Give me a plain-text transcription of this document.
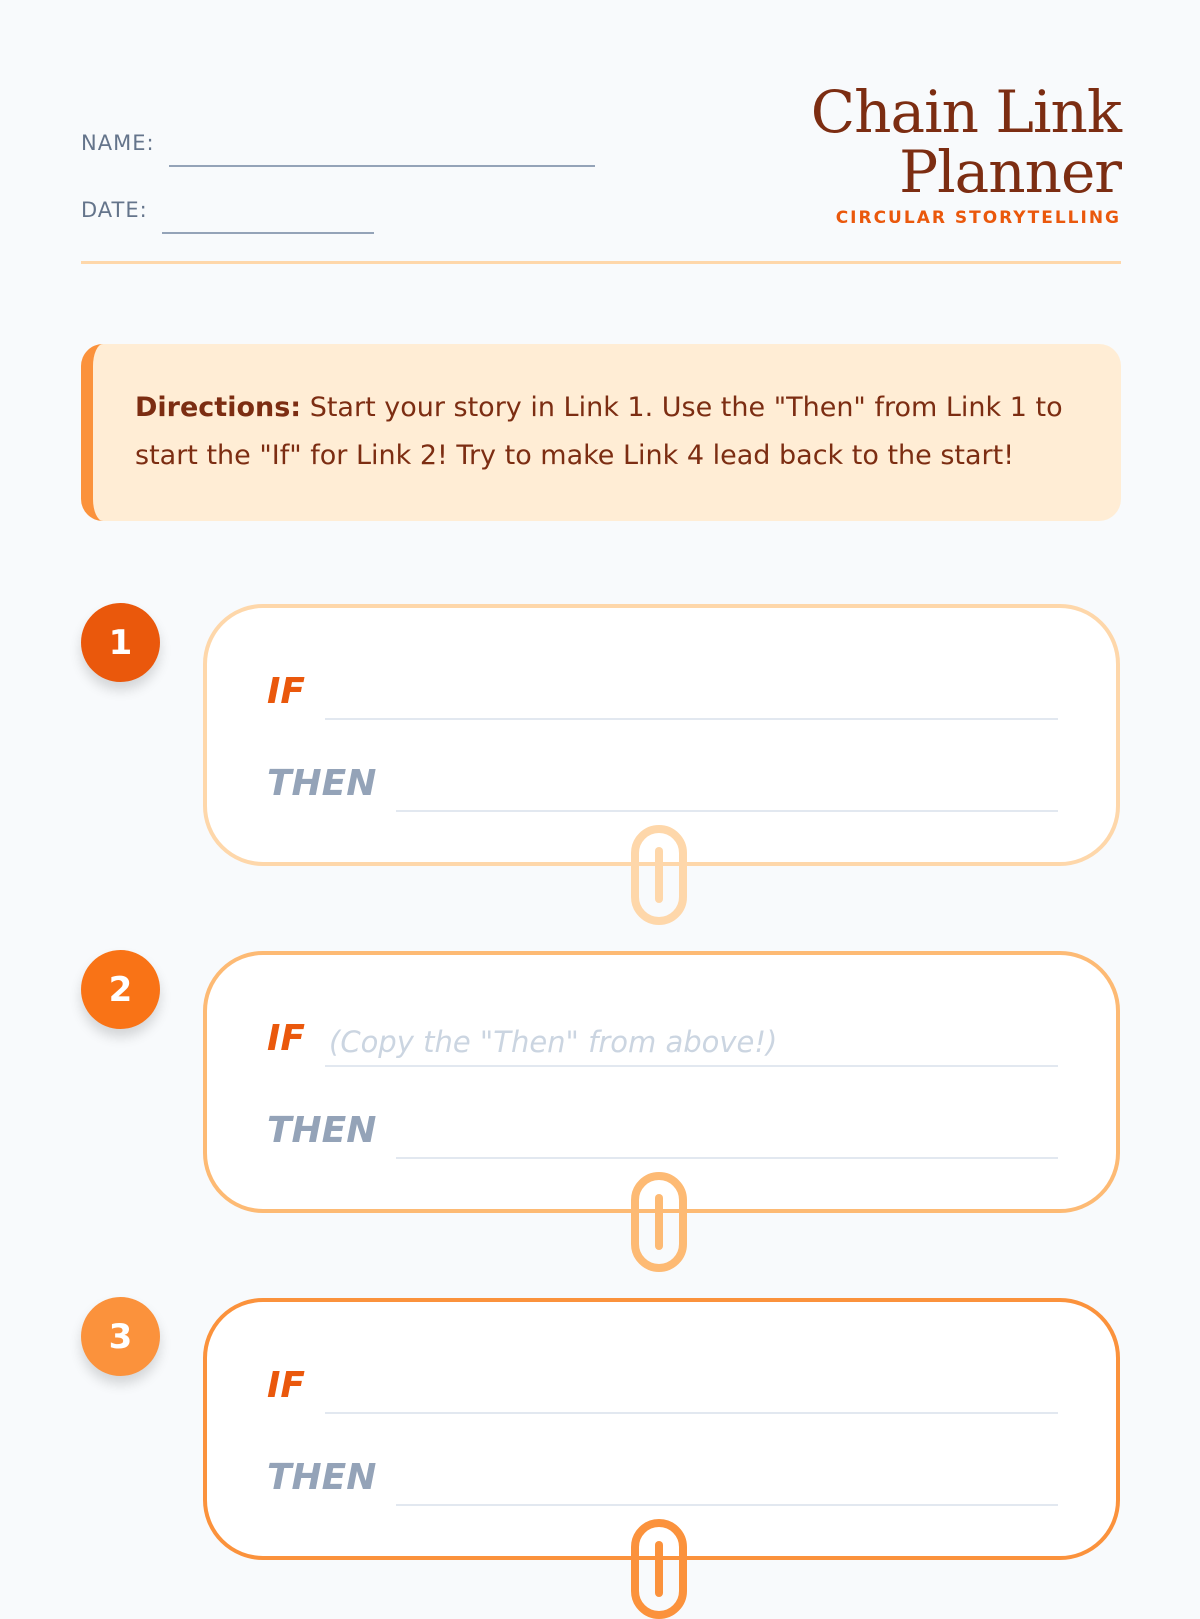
NAME:
DATE:
Chain Link
Planner
CIRCULAR STORYTELLING
Directions: Start your story in Link 1. Use the "Then" from Link 1 to start the "If" for Link 2! Try to make Link 4 lead back to the start!
1
IF
THEN
2
IF (Copy the "Then" from above!)
THEN
3
IF
THEN
